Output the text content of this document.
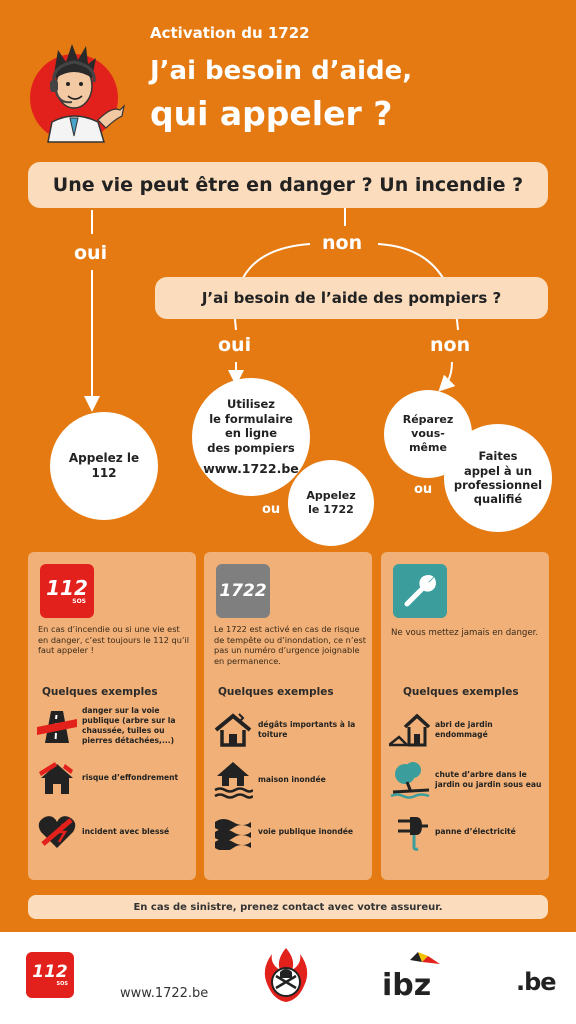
Activation du 1722
J’ai besoin d’aide,
qui appeler ?
Une vie peut être en danger ? Un incendie ?
J’ai besoin de l’aide des pompiers ?
oui	non
oui	non
Appelez le 112
Utilisez
le formulaire
en ligne
des pompiers
www.1722.be
Appelez le 1722
ou
Réparez
vous-
même
ou
Faites
appel à un
professionnel
qualifié
112
SOS
En cas d’incendie ou si une vie est en danger, c’est toujours le 112 qu’il faut appeler !
Quelques exemples
danger sur la voie publique (arbre sur la chaussée, tuiles ou pierres détachées,...)
risque d’effondrement
incident avec blessé
1722
Le 1722 est activé en cas de risque de tempête ou d’inondation, ce n’est pas un numéro d’urgence joignable en permanence.
Quelques exemples
dégâts importants à la toiture
maison inondée
voie publique inondée
Ne vous mettez jamais en danger.
Quelques exemples
abri de jardin endommagé
chute d’arbre dans le jardin ou jardin sous eau
panne d’électricité
En cas de sinistre, prenez contact avec votre assureur.
112
SOS
www.1722.be	ibz	.be
